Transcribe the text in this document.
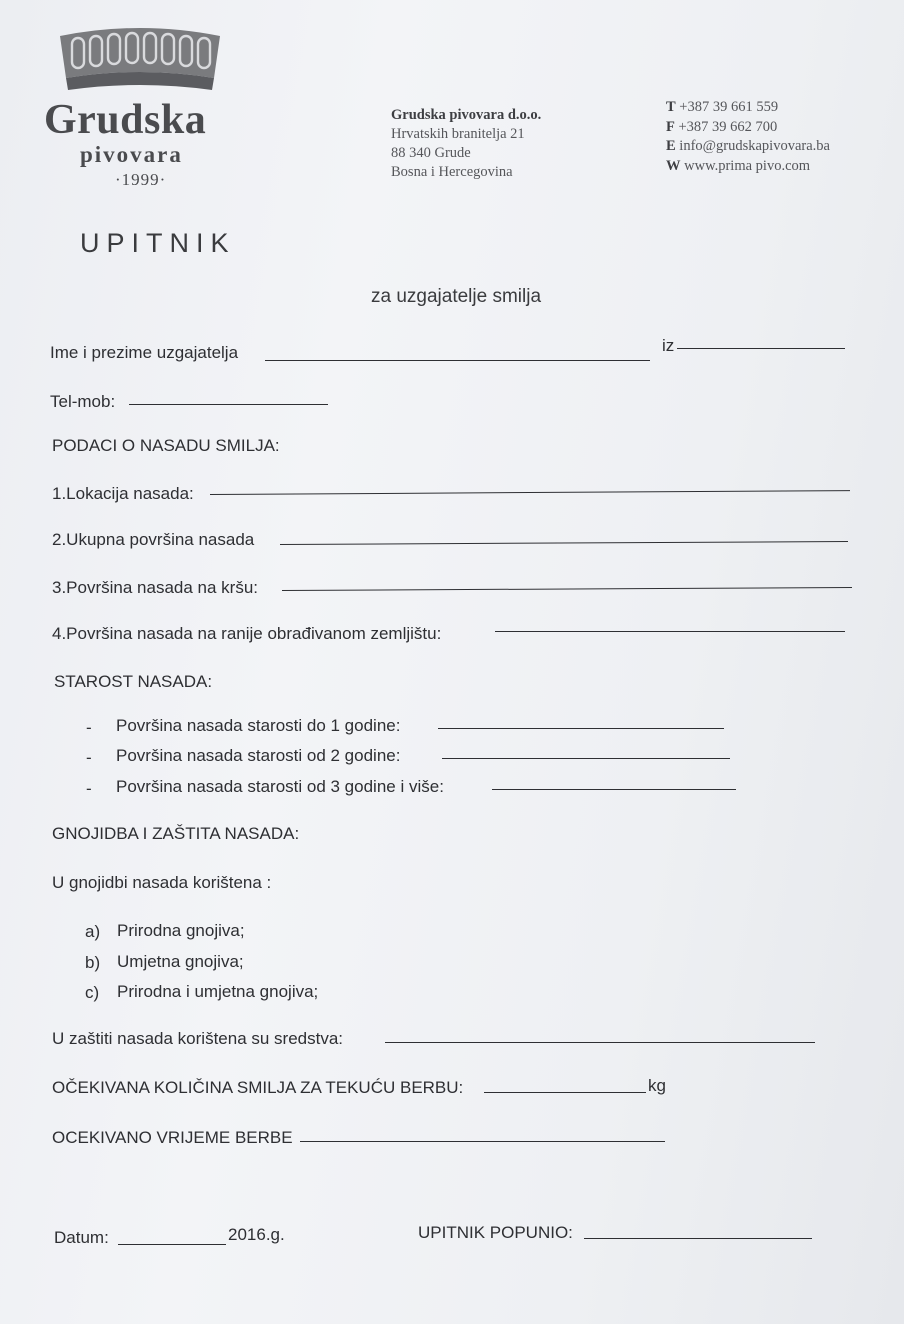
Grudska
pivovara
·1999·
Grudska pivovara d.o.o.
Hrvatskih branitelja 21
88 340 Grude
Bosna i Hercegovina
T +387 39 661 559
F +387 39 662 700
E info@grudskapivovara.ba
W www.prima pivo.com
UPITNIK
za uzgajatelje smilja
Ime i prezime uzgajatelja	iz
Tel-mob:
PODACI O NASADU SMILJA:
1.Lokacija nasada:
2.Ukupna površina nasada
3.Površina nasada na kršu:
4.Površina nasada na ranije obrađivanom zemljištu:
STAROST NASADA:
- Površina nasada starosti do 1 godine:
- Površina nasada starosti od 2 godine:
- Površina nasada starosti od 3 godine i više:
GNOJIDBA I ZAŠTITA NASADA:
U gnojidbi nasada korištena :
a) Prirodna gnojiva;
b) Umjetna gnojiva;
c) Prirodna i umjetna gnojiva;
U zaštiti nasada korištena su sredstva:
OČEKIVANA KOLIČINA SMILJA ZA TEKUĆU BERBU:	kg
OCEKIVANO VRIJEME BERBE
Datum:	2016.g.	UPITNIK POPUNIO:
